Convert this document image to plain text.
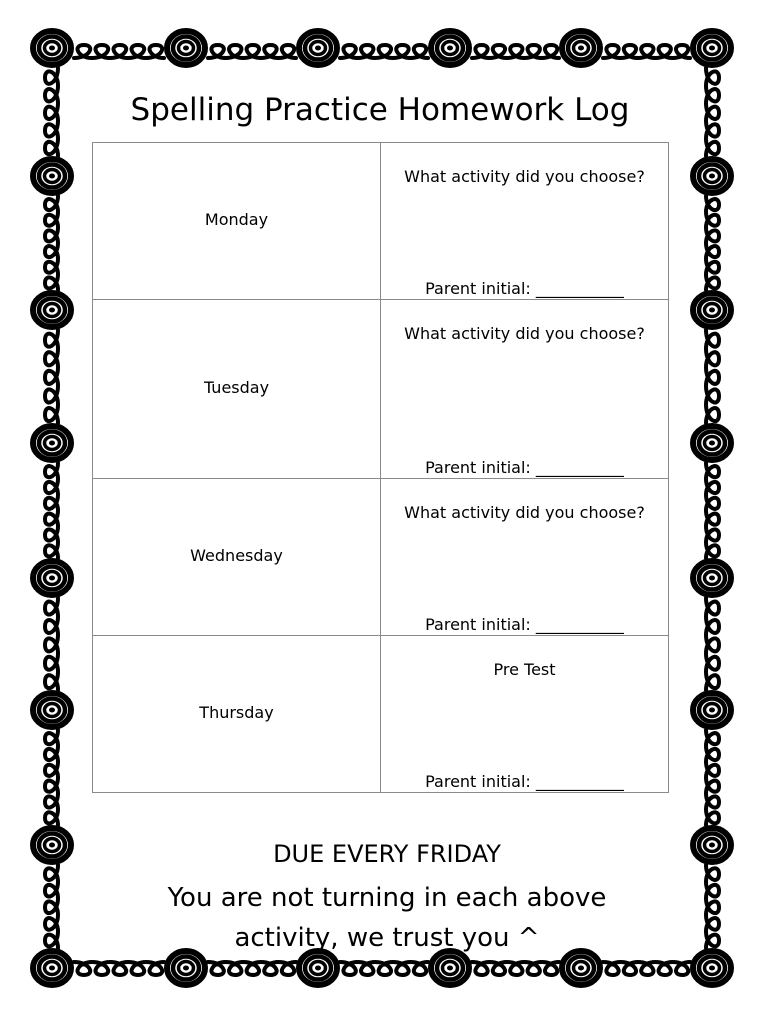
Spelling Practice Homework Log
Monday	What activity did you choose?
Parent initial: ___________

Tuesday	What activity did you choose?
Parent initial: ___________

Wednesday	What activity did you choose?
Parent initial: ___________

Thursday	Pre Test
Parent initial: ___________
DUE EVERY FRIDAY
You are not turning in each above
activity, we trust you ^
